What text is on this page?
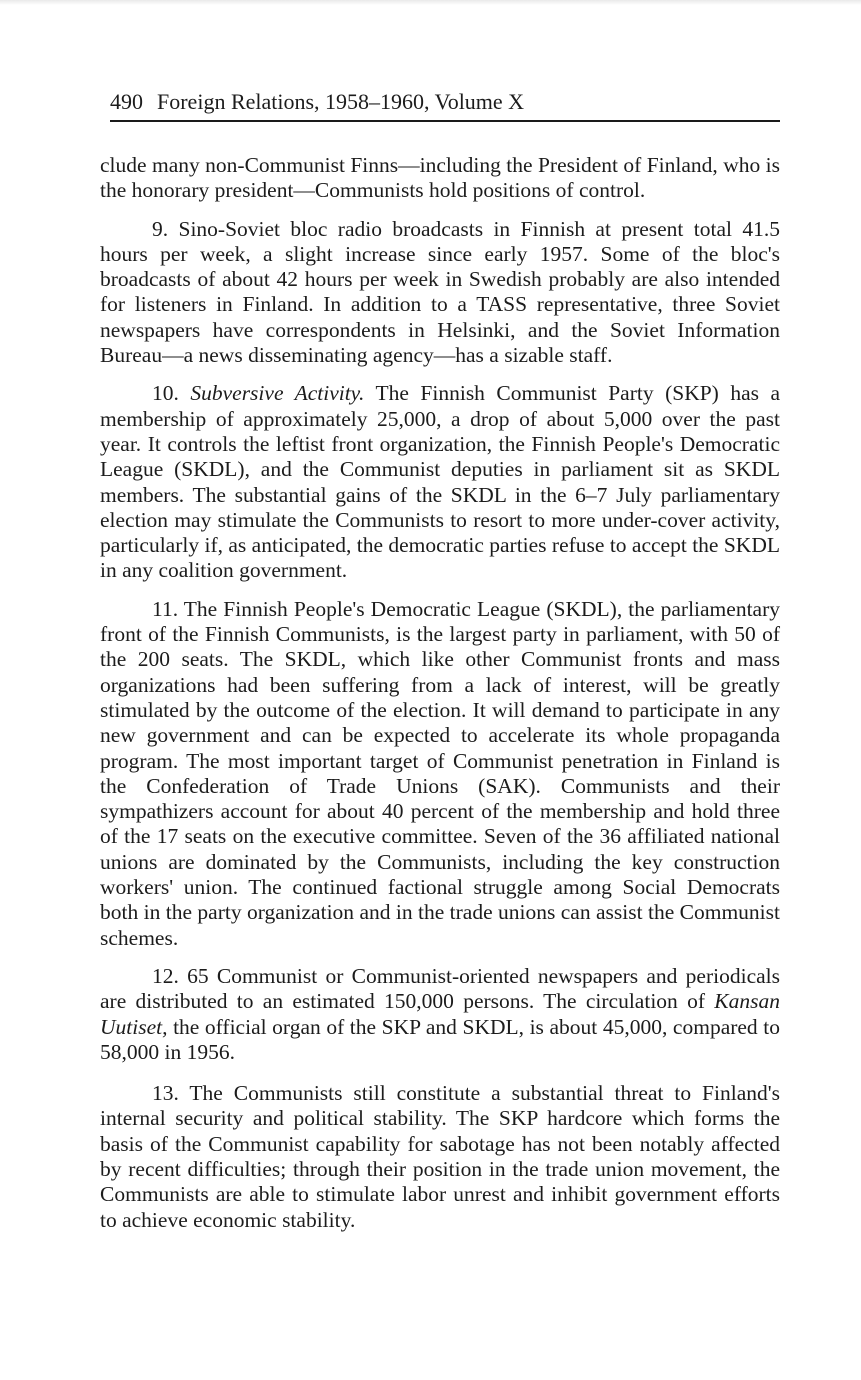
490 Foreign Relations, 1958–1960, Volume X

clude many non-Communist Finns—including the President of Finland, who is the honorary president—Communists hold positions of control.

9. Sino-Soviet bloc radio broadcasts in Finnish at present total 41.5 hours per week, a slight increase since early 1957. Some of the bloc's broadcasts of about 42 hours per week in Swedish probably are also intended for listeners in Finland. In addition to a TASS representative, three Soviet newspapers have correspondents in Helsinki, and the Soviet Information Bureau—a news disseminating agency—has a sizable staff.

10. Subversive Activity. The Finnish Communist Party (SKP) has a membership of approximately 25,000, a drop of about 5,000 over the past year. It controls the leftist front organization, the Finnish People's Democratic League (SKDL), and the Communist deputies in parliament sit as SKDL members. The substantial gains of the SKDL in the 6–7 July parliamentary election may stimulate the Communists to resort to more under-cover activity, particularly if, as anticipated, the democratic parties refuse to accept the SKDL in any coalition government.

11. The Finnish People's Democratic League (SKDL), the parliamentary front of the Finnish Communists, is the largest party in parliament, with 50 of the 200 seats. The SKDL, which like other Communist fronts and mass organizations had been suffering from a lack of interest, will be greatly stimulated by the outcome of the election. It will demand to participate in any new government and can be expected to accelerate its whole propaganda program. The most important target of Communist penetration in Finland is the Confederation of Trade Unions (SAK). Communists and their sympathizers account for about 40 percent of the membership and hold three of the 17 seats on the executive committee. Seven of the 36 affiliated national unions are dominated by the Communists, including the key construction workers' union. The continued factional struggle among Social Democrats both in the party organization and in the trade unions can assist the Communist schemes.

12. 65 Communist or Communist-oriented newspapers and periodicals are distributed to an estimated 150,000 persons. The circulation of Kansan Uutiset, the official organ of the SKP and SKDL, is about 45,000, compared to 58,000 in 1956.

13. The Communists still constitute a substantial threat to Finland's internal security and political stability. The SKP hardcore which forms the basis of the Communist capability for sabotage has not been notably affected by recent difficulties; through their position in the trade union movement, the Communists are able to stimulate labor unrest and inhibit government efforts to achieve economic stability.
